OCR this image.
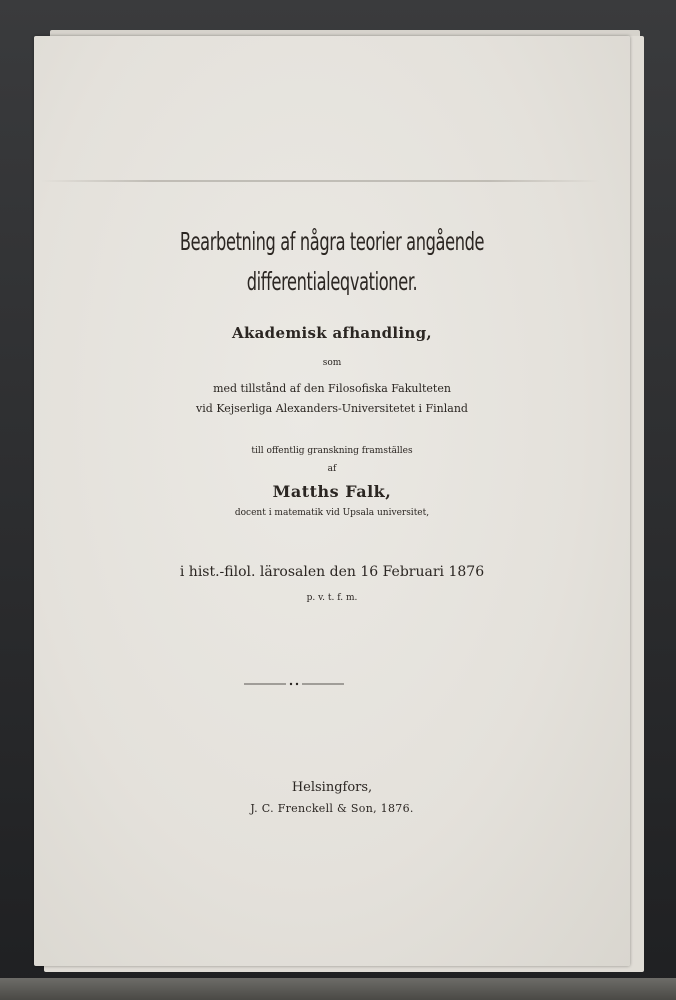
Bearbetning af några teorier angående
differentialeqvationer.
Akademisk afhandling,
som
med tillstånd af den Filosofiska Fakulteten
vid Kejserliga Alexanders-Universitetet i Finland
till offentlig granskning framställes
af
Matths Falk,
docent i matematik vid Upsala universitet,
i hist.-filol. lärosalen den 16 Februari 1876
p. v. t. f. m.
Helsingfors,
J. C. Frenckell & Son, 1876.
